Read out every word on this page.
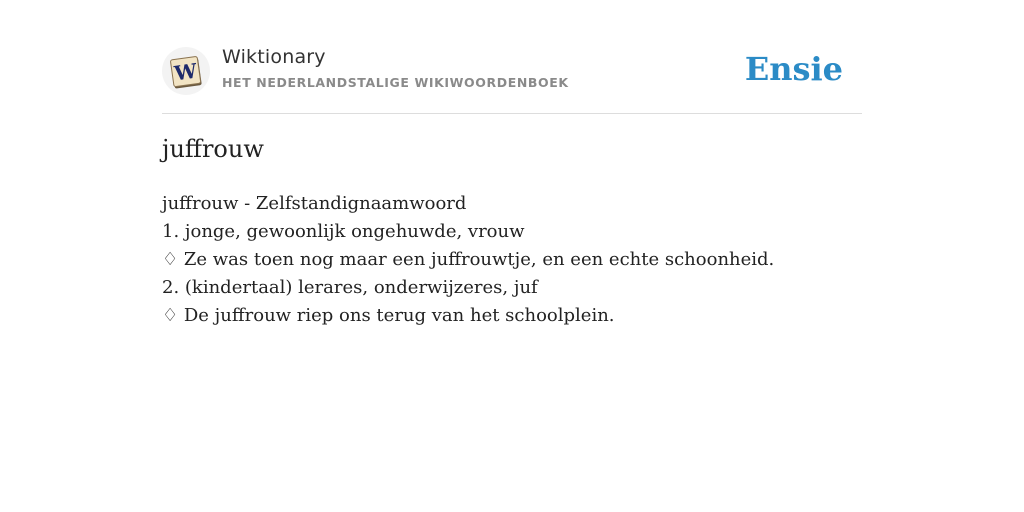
W
Wiktionary
HET NEDERLANDSTALIGE WIKIWOORDENBOEK	Ensie
juffrouw
juffrouw - Zelfstandignaamwoord
1. jonge, gewoonlijk ongehuwde, vrouw
♢ Ze was toen nog maar een juffrouwtje, en een echte schoonheid.
2. (kindertaal) lerares, onderwijzeres, juf
♢ De juffrouw riep ons terug van het schoolplein.
